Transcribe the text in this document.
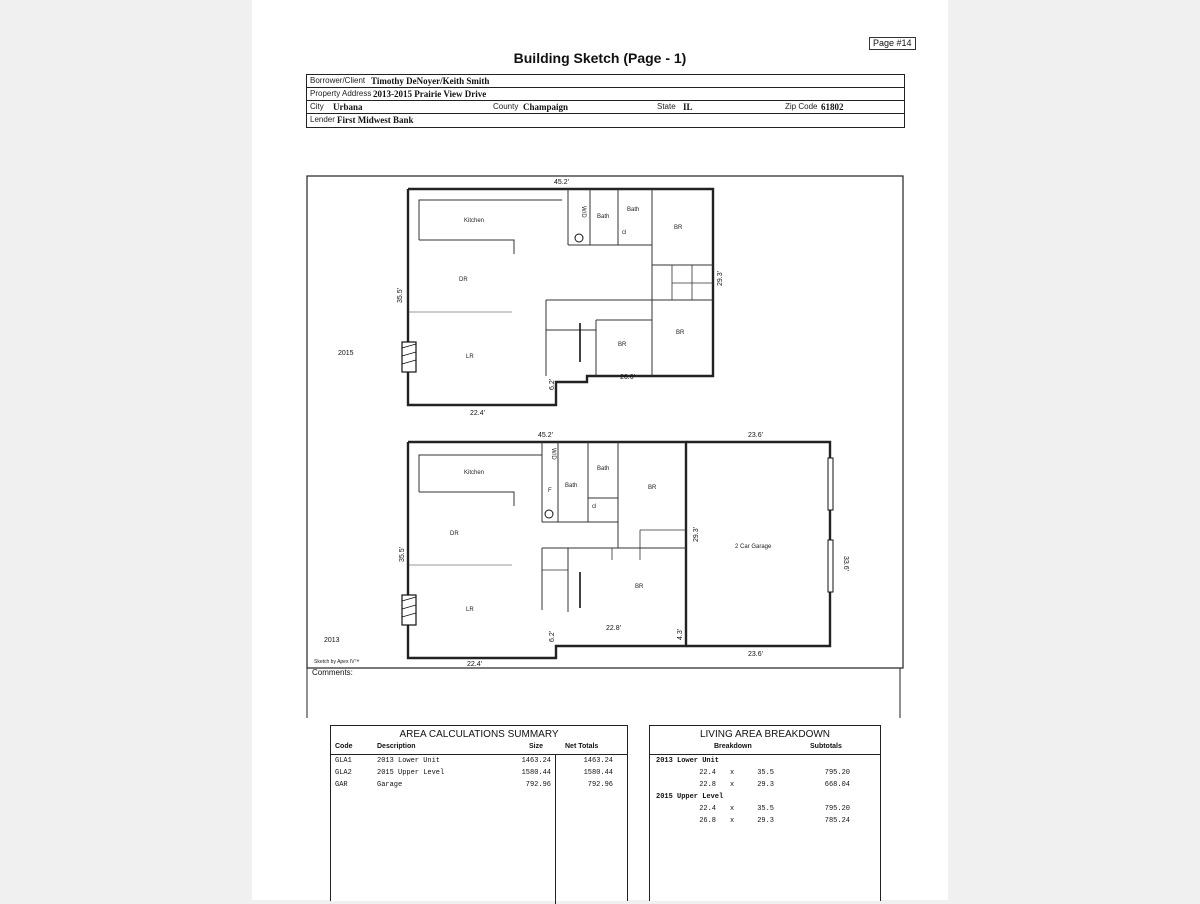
Page #14
Building Sketch (Page - 1)
Borrower/Client Timothy DeNoyer/Keith Smith
Property Address 2013-2015 Prairie View Drive
City Urbana	County Champaign	State IL	Zip Code 61802
Lender First Midwest Bank
Kitchen
DR
LR
Bath
Bath
BR
BR
BR
W/D
cl
45.2'
35.5'
29.3'
26.6'
6.2'
22.4'
2015
Kitchen
DR
LR
Bath
Bath
BR
BR
W/D
F
cl
2 Car Garage
45.2'	23.6'
35.5'
29.3'
33.6'
6.2'
22.8'
4.3'
22.4'
23.6'
2013
Sketch by Apex IV™
Comments:
AREA CALCULATIONS SUMMARY
Code	Description	Size	Net Totals
GLA1	2013 Lower Unit	1463.24	1463.24
GLA2	2015 Upper Level	1580.44	1580.44
GAR	Garage	792.96	792.96
LIVING AREA BREAKDOWN
Breakdown	Subtotals
2013 Lower Unit
22.4 x	35.5	795.20
22.8 x	29.3	668.04
2015 Upper Level
22.4 x	35.5	795.20
26.8 x	29.3	785.24
